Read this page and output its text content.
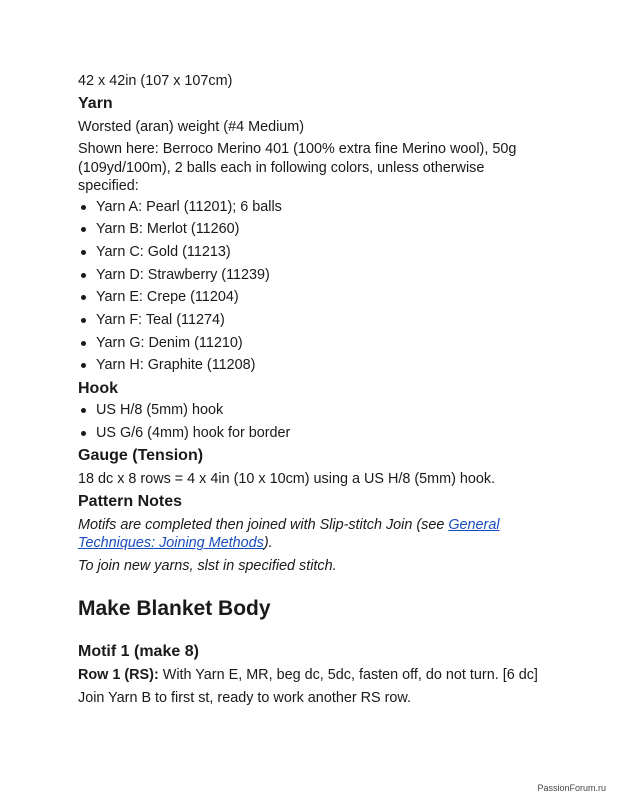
42 x 42in (107 x 107cm)

Yarn

Worsted (aran) weight (#4 Medium)

Shown here: Berroco Merino 401 (100% extra fine Merino wool), 50g (109yd/100m), 2 balls each in following colors, unless otherwise specified:

Yarn A: Pearl (11201); 6 balls
Yarn B: Merlot (11260)
Yarn C: Gold (11213)
Yarn D: Strawberry (11239)
Yarn E: Crepe (11204)
Yarn F: Teal (11274)
Yarn G: Denim (11210)
Yarn H: Graphite (11208)
Hook
US H/8 (5mm) hook
US G/6 (4mm) hook for border
Gauge (Tension)

18 dc x 8 rows = 4 x 4in (10 x 10cm) using a US H/8 (5mm) hook.

Pattern Notes

Motifs are completed then joined with Slip-stitch Join (see General Techniques: Joining Methods).

To join new yarns, slst in specified stitch.

Make Blanket Body
Motif 1 (make 8)

Row 1 (RS): With Yarn E, MR, beg dc, 5dc, fasten off, do not turn. [6 dc]

Join Yarn B to first st, ready to work another RS row.

PassionForum.ru
